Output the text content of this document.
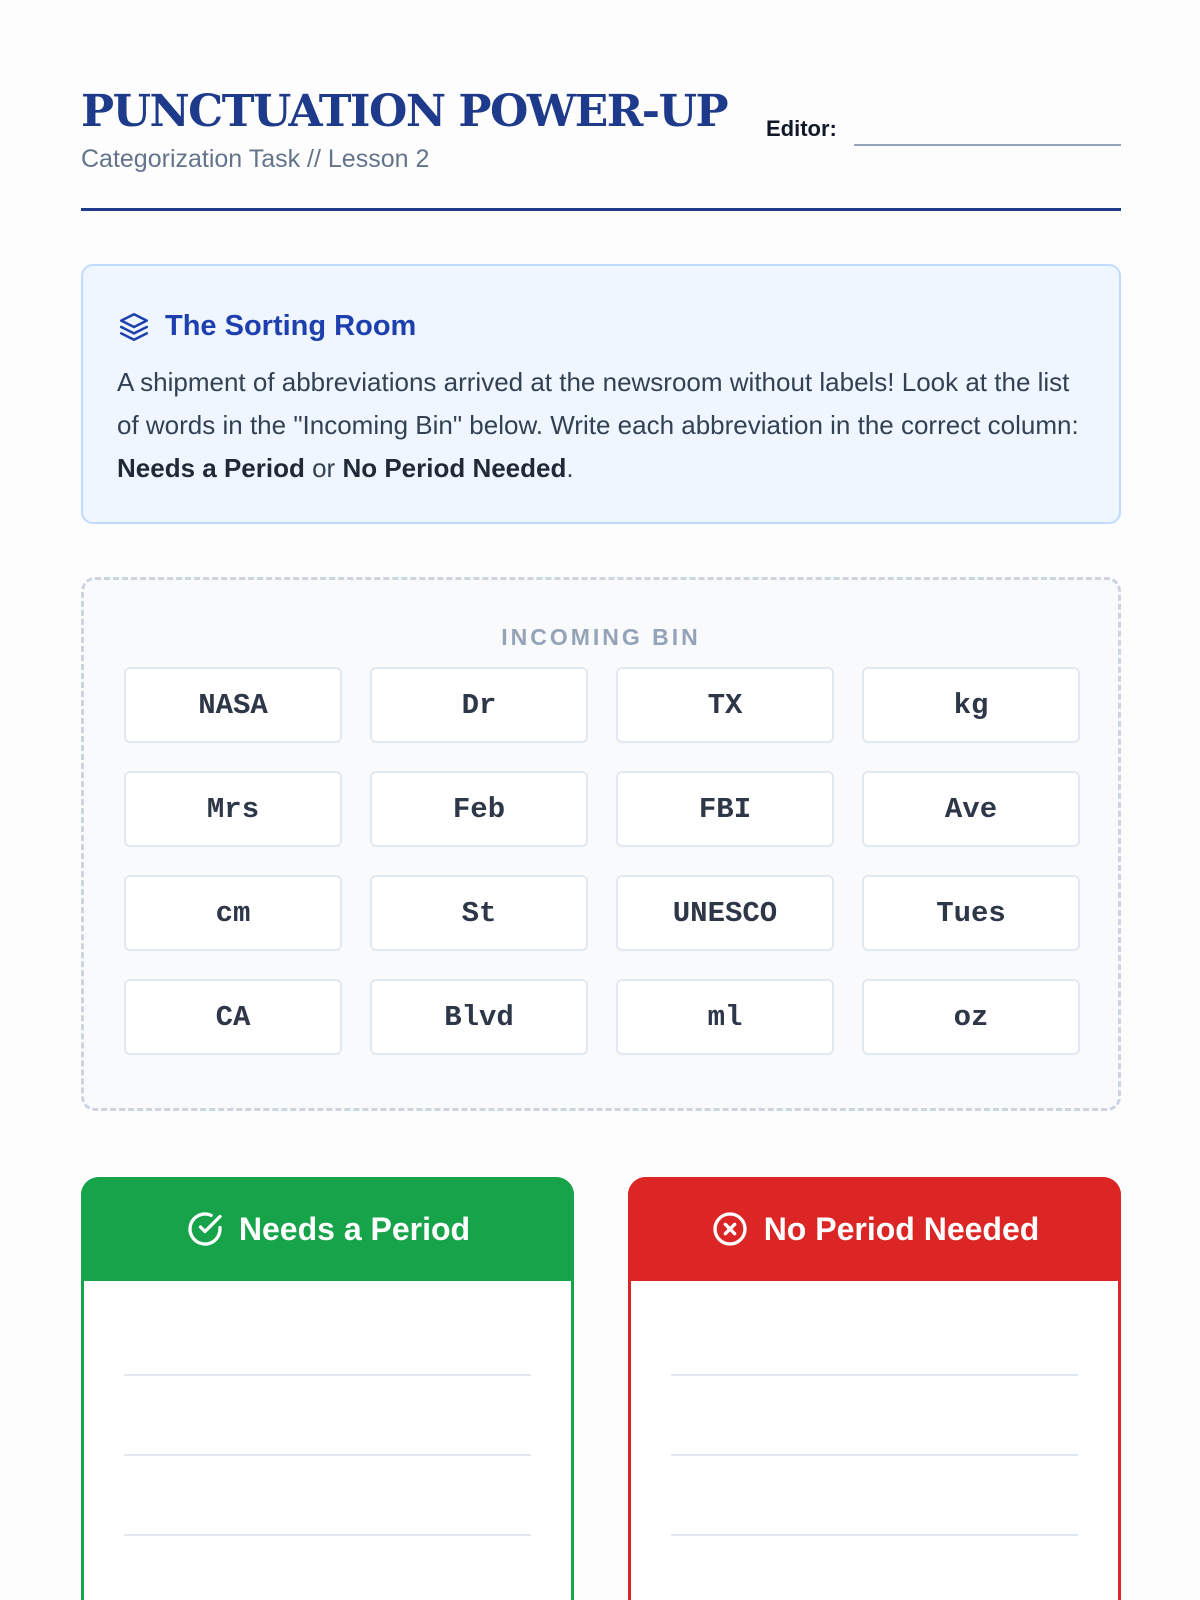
PUNCTUATION POWER-UP
Categorization Task // Lesson 2
Editor:
The Sorting Room

A shipment of abbreviations arrived at the newsroom without labels! Look at the list of words in the "Incoming Bin" below. Write each abbreviation in the correct column: Needs a Period or No Period Needed.

INCOMING BIN
NASA	Dr	TX	kg
Mrs	Feb	FBI	Ave
cm	St	UNESCO	Tues
CA	Blvd	ml	oz
Needs a Period	No Period Needed
